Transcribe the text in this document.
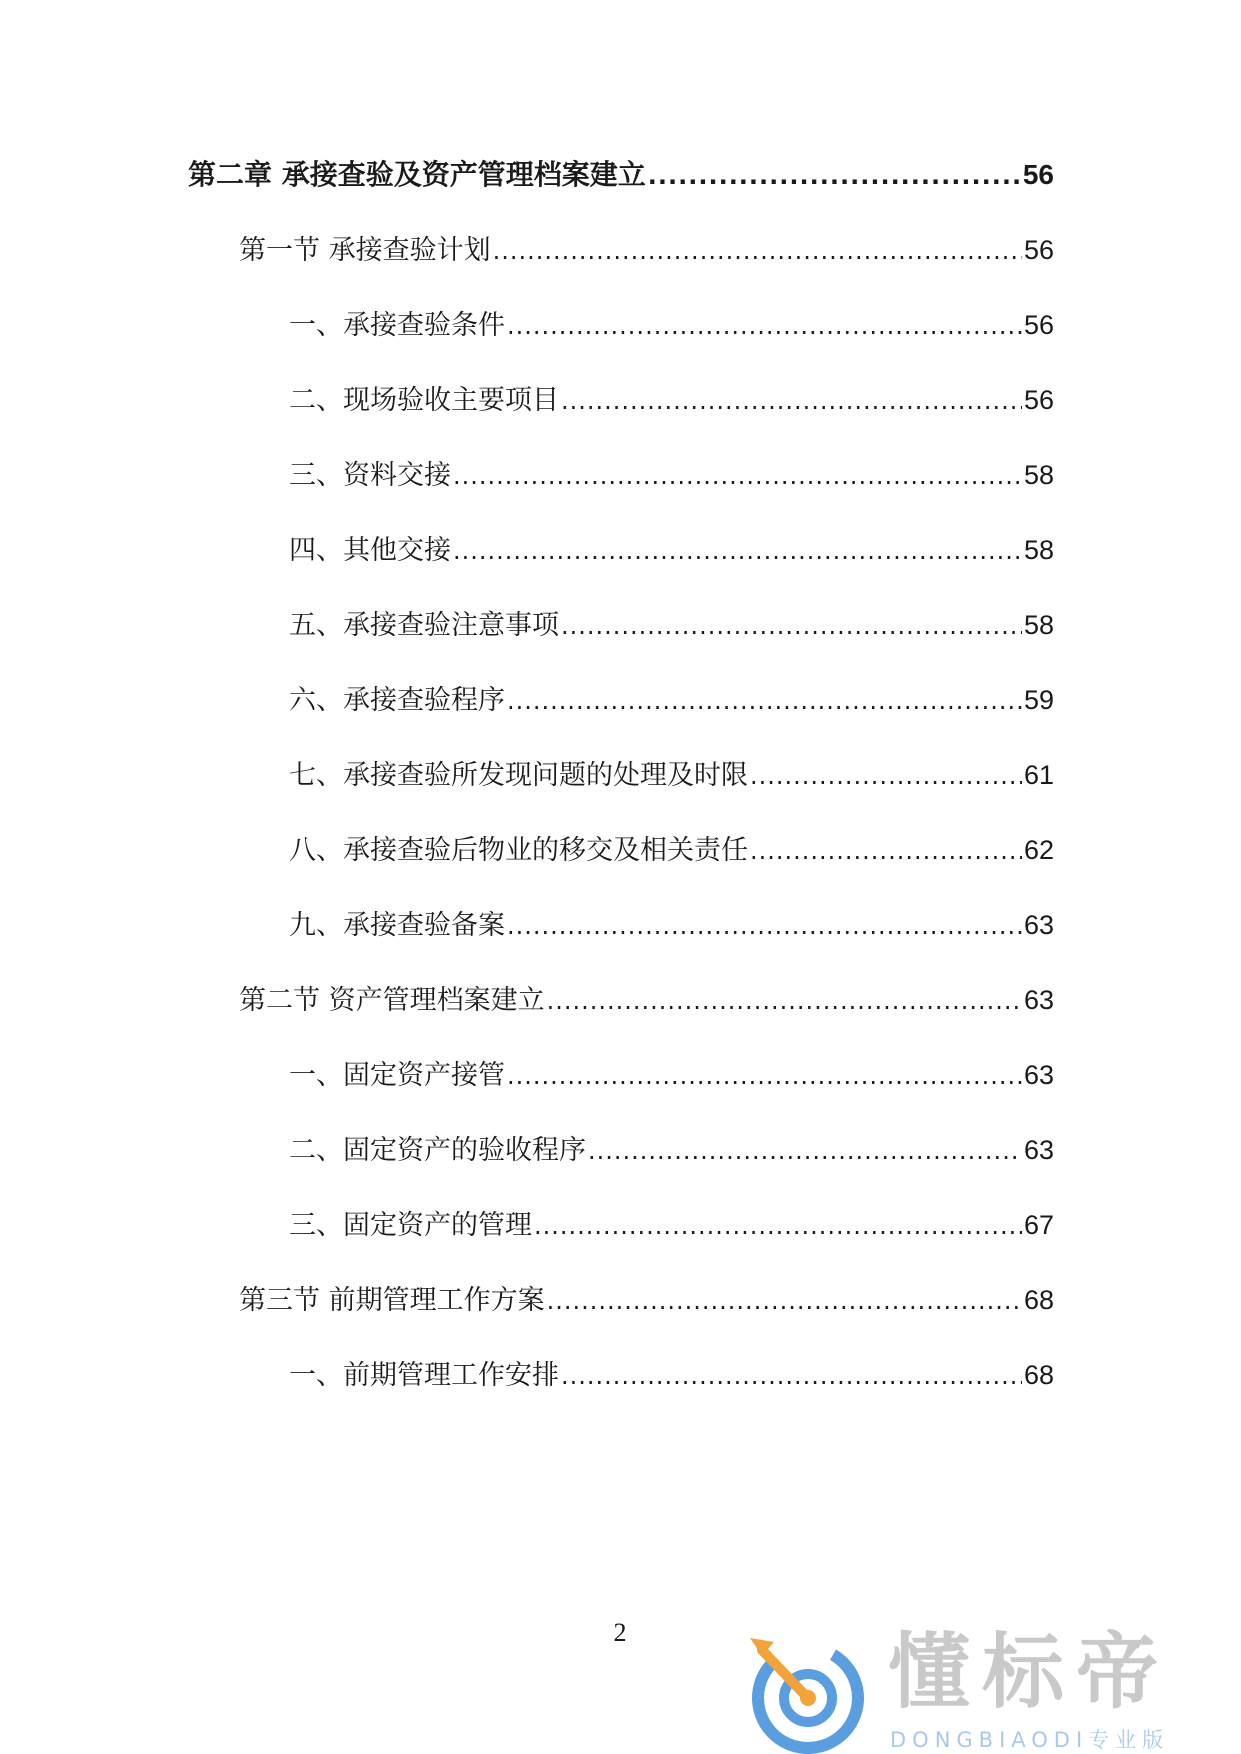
第二章 承接查验及资产管理档案建立 .....	56
第一节 承接查验计划 .....	56
一、承接查验条件 .....	56
二、现场验收主要项目 .....	56
三、资料交接 .....	58
四、其他交接 .....	58
五、承接查验注意事项 .....	58
六、承接查验程序 .....	59
七、承接查验所发现问题的处理及时限 .....	61
八、承接查验后物业的移交及相关责任 .....	62
九、承接查验备案 .....	63
第二节 资产管理档案建立 .....	63
一、固定资产接管 .....	63
二、固定资产的验收程序 .....	63
三、固定资产的管理 .....	67
第三节 前期管理工作方案 .....	68
一、前期管理工作安排 .....	68
2	懂标帝
DONGBIAODI专业版
